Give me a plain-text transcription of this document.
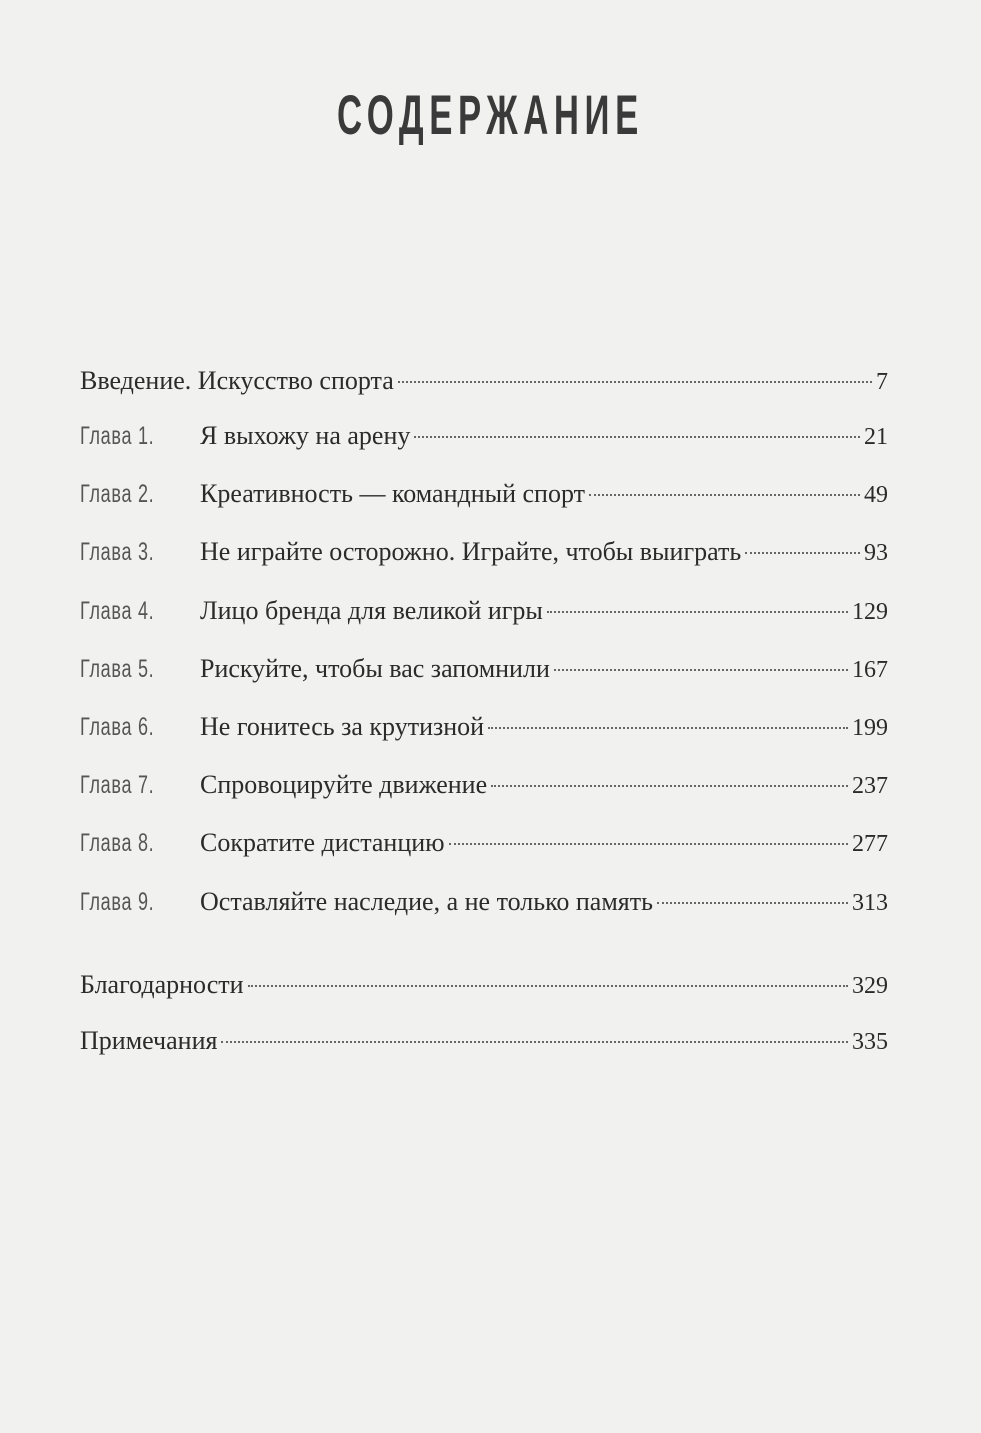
СОДЕРЖАНИЕ
Введение. Искусство спорта	7
Глава 1.	Я выхожу на арену	21
Глава 2.	Креативность — командный спорт	49
Глава 3.	Не играйте осторожно. Играйте, чтобы выиграть	93
Глава 4.	Лицо бренда для великой игры	129
Глава 5.	Рискуйте, чтобы вас запомнили	167
Глава 6.	Не гонитесь за крутизной	199
Глава 7.	Спровоцируйте движение	237
Глава 8.	Сократите дистанцию	277
Глава 9.	Оставляйте наследие, а не только память	313
Благодарности	329
Примечания	335
